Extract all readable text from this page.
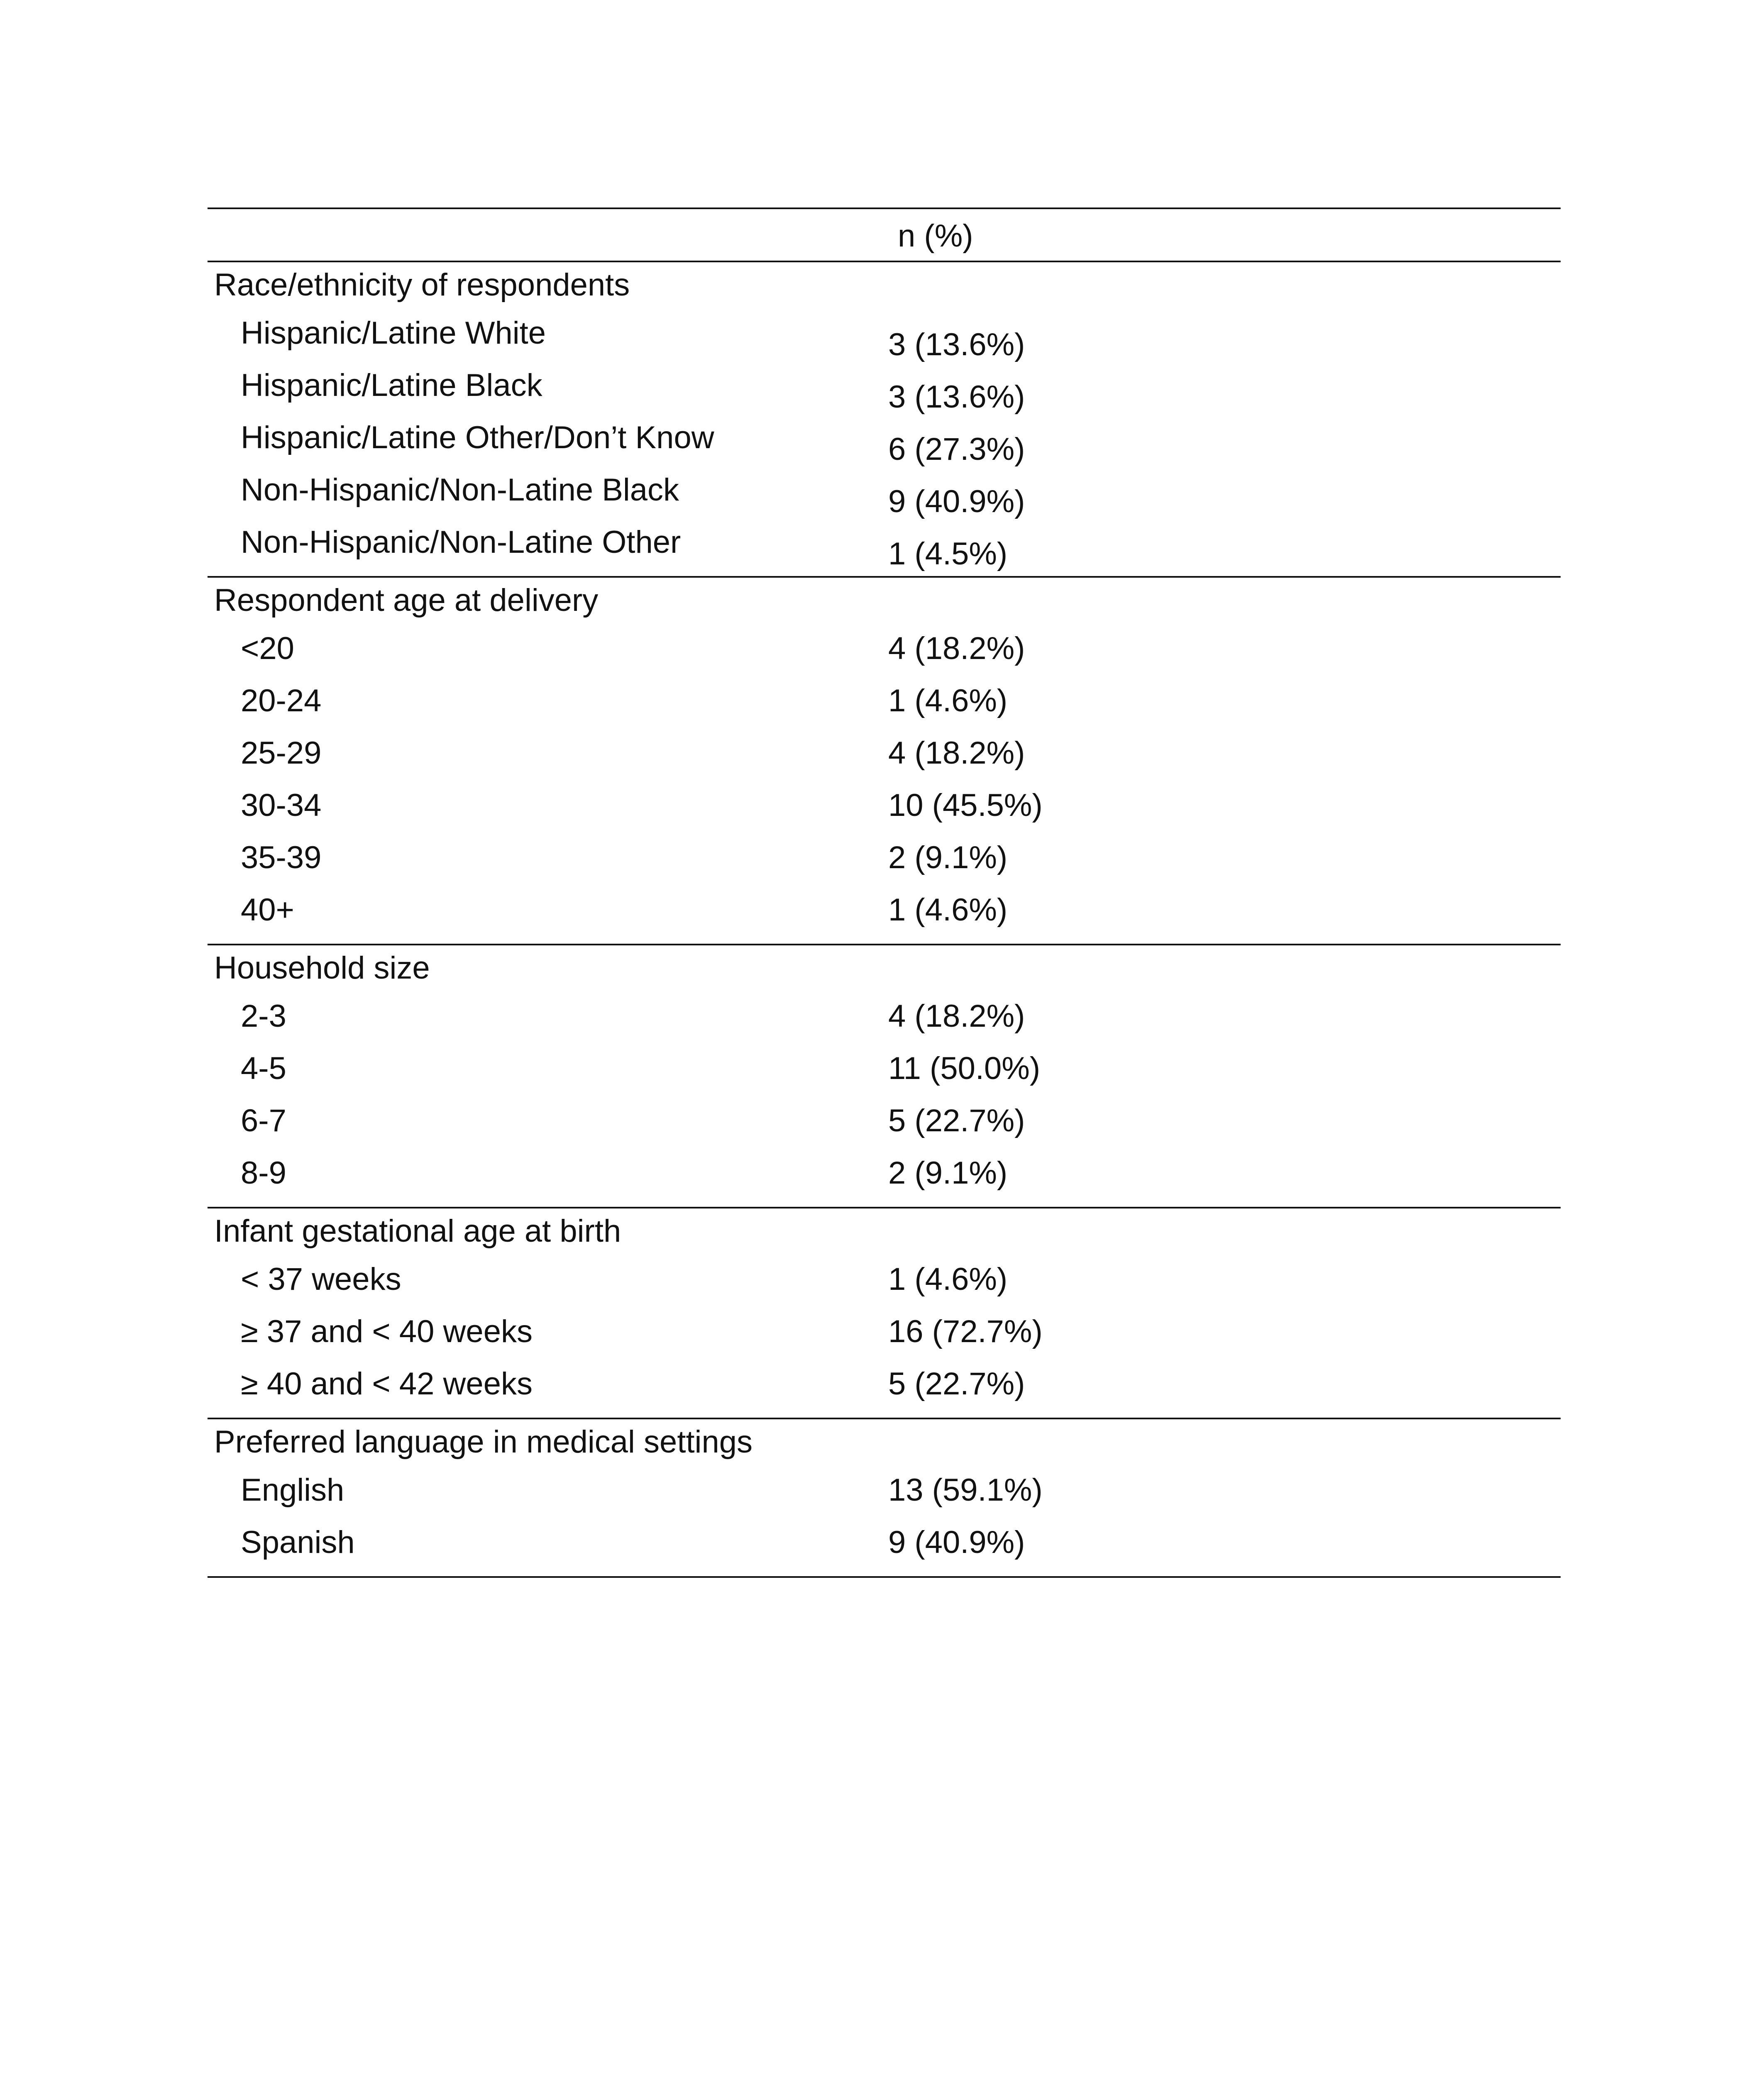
n (%)
Race/ethnicity of respondents
Hispanic/Latine White	3 (13.6%)
Hispanic/Latine Black	3 (13.6%)
Hispanic/Latine Other/Don’t Know	6 (27.3%)
Non-Hispanic/Non-Latine Black	9 (40.9%)
Non-Hispanic/Non-Latine Other	1 (4.5%)
Respondent age at delivery
<20	4 (18.2%)
20-24	1 (4.6%)
25-29	4 (18.2%)
30-34	10 (45.5%)
35-39	2 (9.1%)
40+	1 (4.6%)
Household size
2-3	4 (18.2%)
4-5	11 (50.0%)
6-7	5 (22.7%)
8-9	2 (9.1%)
Infant gestational age at birth
< 37 weeks	1 (4.6%)
≥ 37 and < 40 weeks	16 (72.7%)
≥ 40 and < 42 weeks	5 (22.7%)
Preferred language in medical settings
English	13 (59.1%)
Spanish	9 (40.9%)
